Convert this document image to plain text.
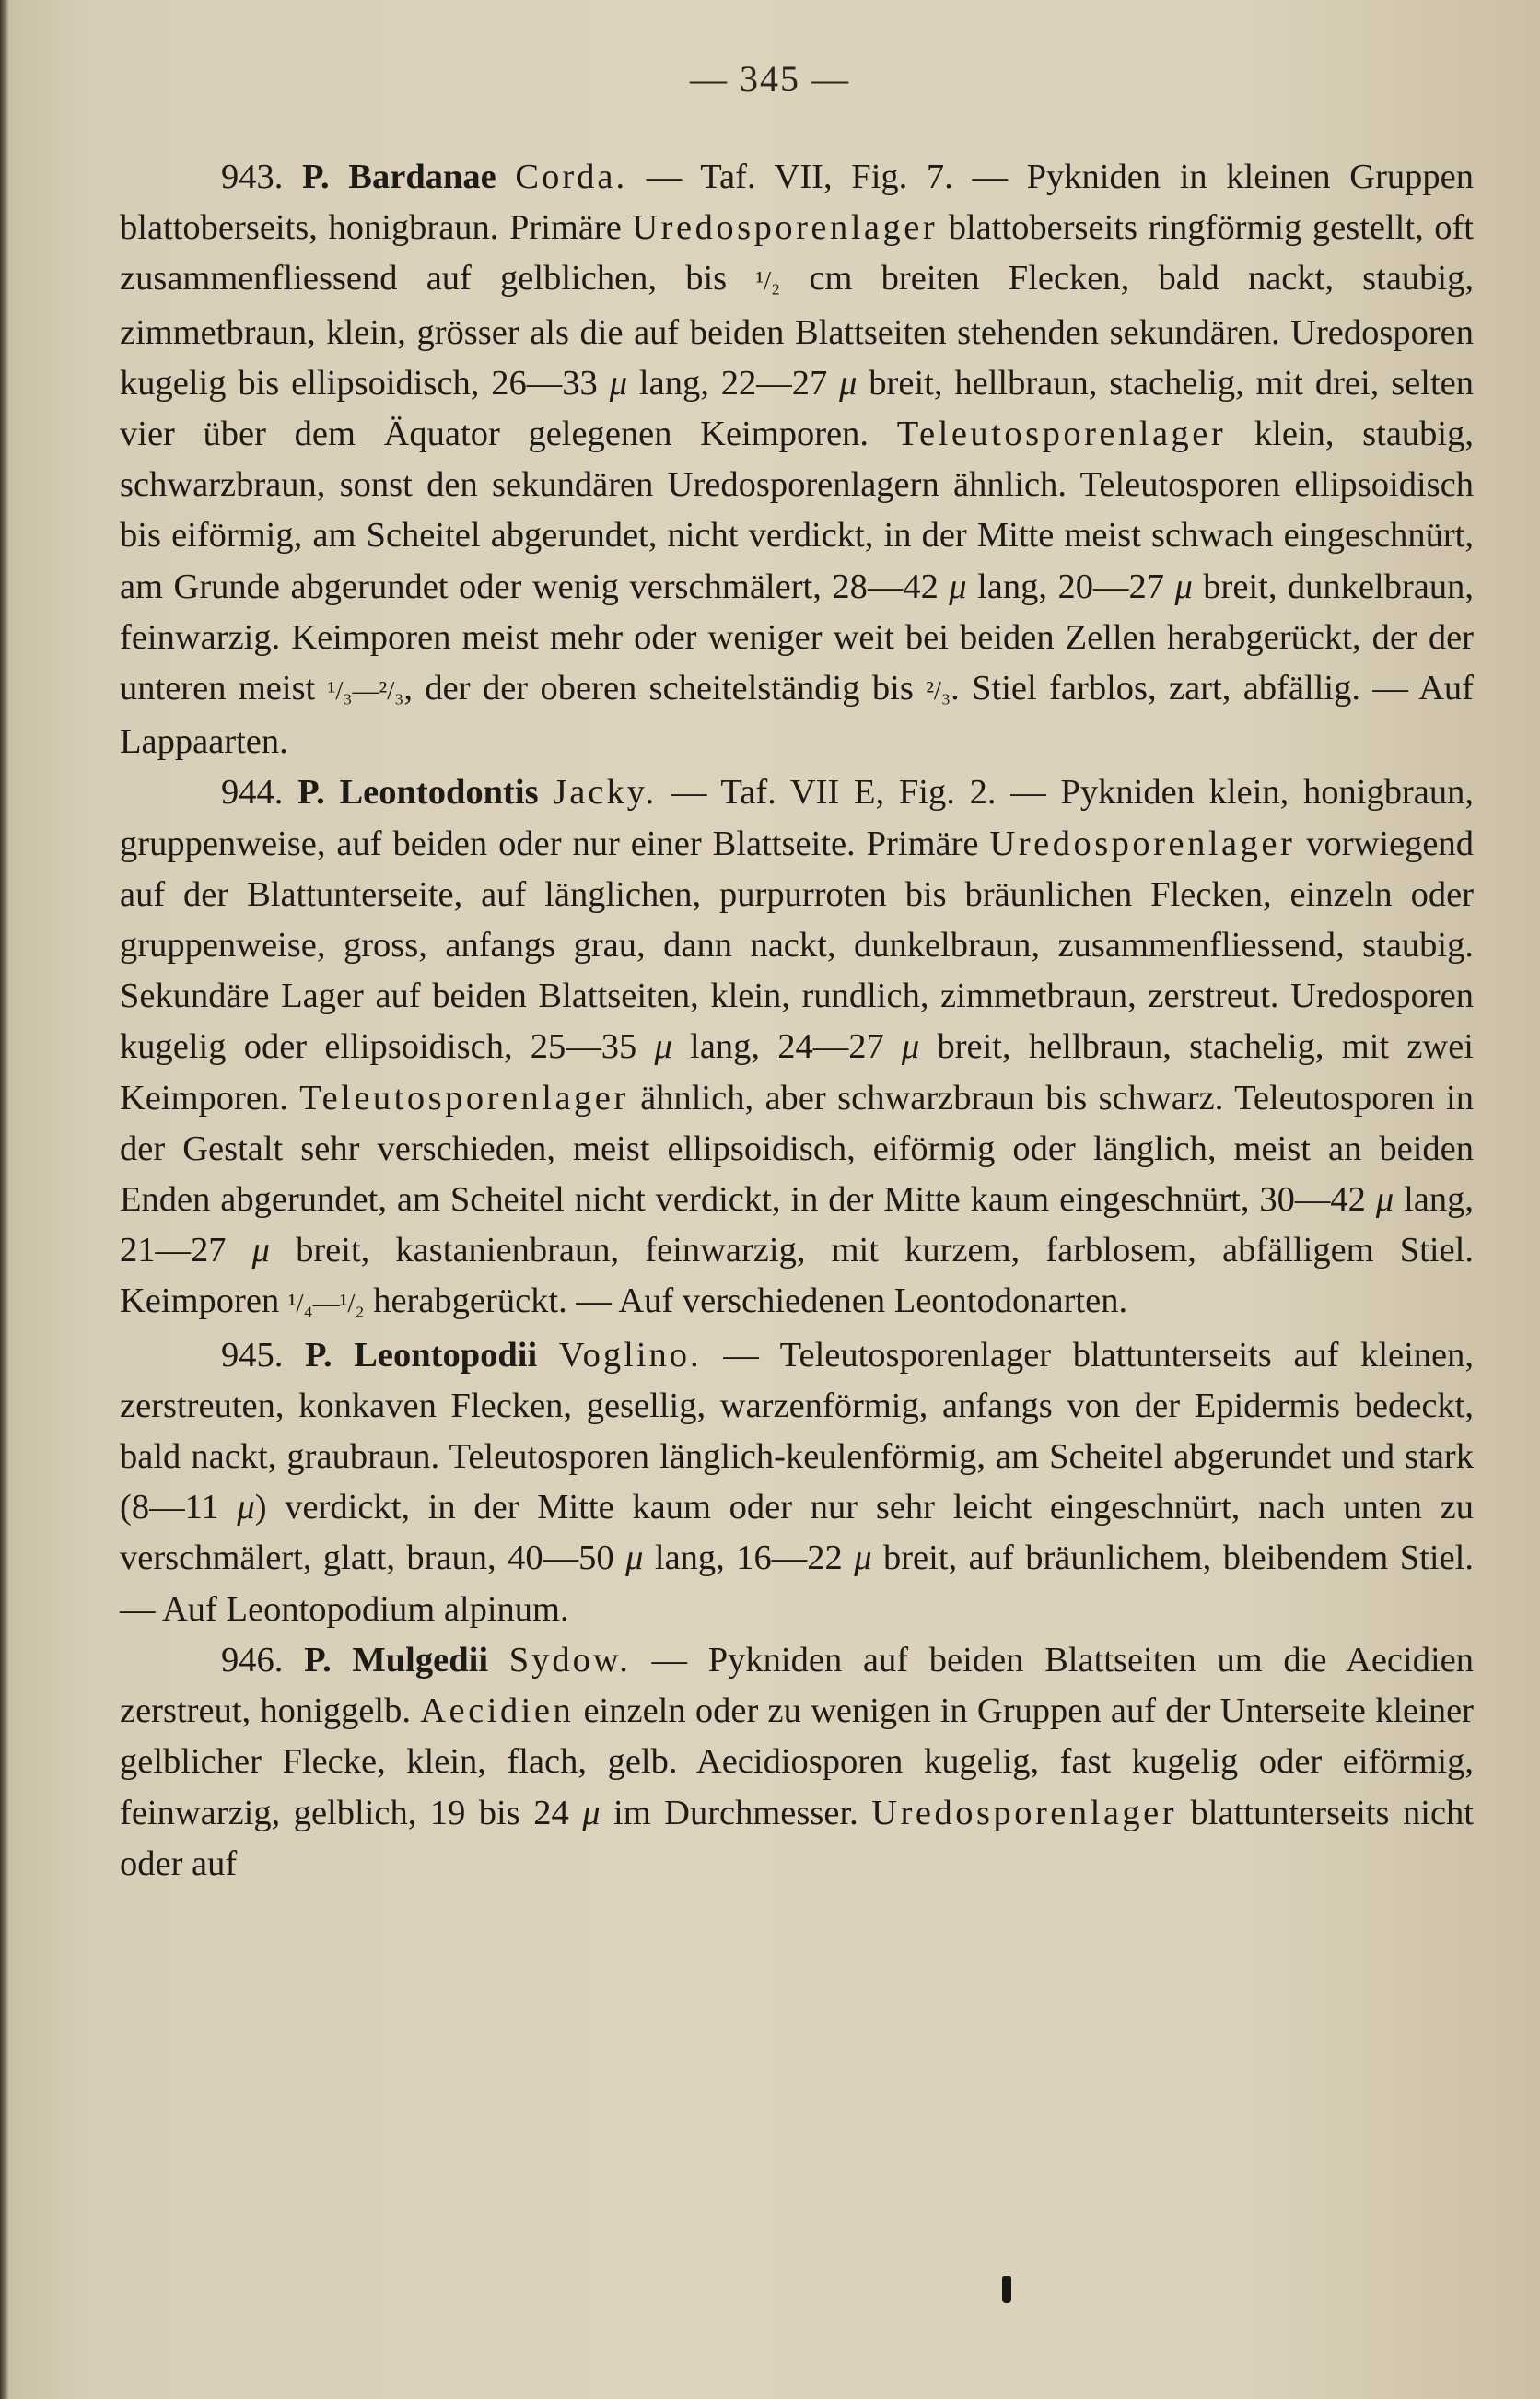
— 345 —

943. P. Bardanae Corda. — Taf. VII, Fig. 7. — Pykniden in kleinen Gruppen blattoberseits, honigbraun. Primäre Uredosporenlager blattoberseits ringförmig gestellt, oft zusammenfliessend auf gelblichen, bis ¹/₂ cm breiten Flecken, bald nackt, staubig, zimmetbraun, klein, grösser als die auf beiden Blattseiten stehenden sekundären. Uredosporen kugelig bis ellipsoidisch, 26—33 μ lang, 22—27 μ breit, hellbraun, stachelig, mit drei, selten vier über dem Äquator gelegenen Keimporen. Teleutosporenlager klein, staubig, schwarzbraun, sonst den sekundären Uredosporenlagern ähnlich. Teleutosporen ellipsoidisch bis eiförmig, am Scheitel abgerundet, nicht verdickt, in der Mitte meist schwach eingeschnürt, am Grunde abgerundet oder wenig verschmälert, 28—42 μ lang, 20—27 μ breit, dunkelbraun, feinwarzig. Keimporen meist mehr oder weniger weit bei beiden Zellen herabgerückt, der der unteren meist ¹/₃—²/₃, der der oberen scheitelständig bis ²/₃. Stiel farblos, zart, abfällig. — Auf Lappaarten.

944. P. Leontodontis Jacky. — Taf. VII E, Fig. 2. — Pykniden klein, honigbraun, gruppenweise, auf beiden oder nur einer Blattseite. Primäre Uredosporenlager vorwiegend auf der Blattunterseite, auf länglichen, purpurroten bis bräunlichen Flecken, einzeln oder gruppenweise, gross, anfangs grau, dann nackt, dunkelbraun, zusammenfliessend, staubig. Sekundäre Lager auf beiden Blattseiten, klein, rundlich, zimmetbraun, zerstreut. Uredosporen kugelig oder ellipsoidisch, 25—35 μ lang, 24—27 μ breit, hellbraun, stachelig, mit zwei Keimporen. Teleutosporenlager ähnlich, aber schwarzbraun bis schwarz. Teleutosporen in der Gestalt sehr verschieden, meist ellipsoidisch, eiförmig oder länglich, meist an beiden Enden abgerundet, am Scheitel nicht verdickt, in der Mitte kaum eingeschnürt, 30—42 μ lang, 21—27 μ breit, kastanienbraun, feinwarzig, mit kurzem, farblosem, abfälligem Stiel. Keimporen ¹/₄—¹/₂ herabgerückt. — Auf verschiedenen Leontodonarten.

945. P. Leontopodii Voglino. — Teleutosporenlager blattunterseits auf kleinen, zerstreuten, konkaven Flecken, gesellig, warzenförmig, anfangs von der Epidermis bedeckt, bald nackt, graubraun. Teleutosporen länglich-keulenförmig, am Scheitel abgerundet und stark (8—11 μ) verdickt, in der Mitte kaum oder nur sehr leicht eingeschnürt, nach unten zu verschmälert, glatt, braun, 40—50 μ lang, 16—22 μ breit, auf bräunlichem, bleibendem Stiel. — Auf Leontopodium alpinum.

946. P. Mulgedii Sydow. — Pykniden auf beiden Blattseiten um die Aecidien zerstreut, honiggelb. Aecidien einzeln oder zu wenigen in Gruppen auf der Unterseite kleiner gelblicher Flecke, klein, flach, gelb. Aecidiosporen kugelig, fast kugelig oder eiförmig, feinwarzig, gelblich, 19 bis 24 μ im Durchmesser. Uredosporenlager blattunterseits nicht oder auf
